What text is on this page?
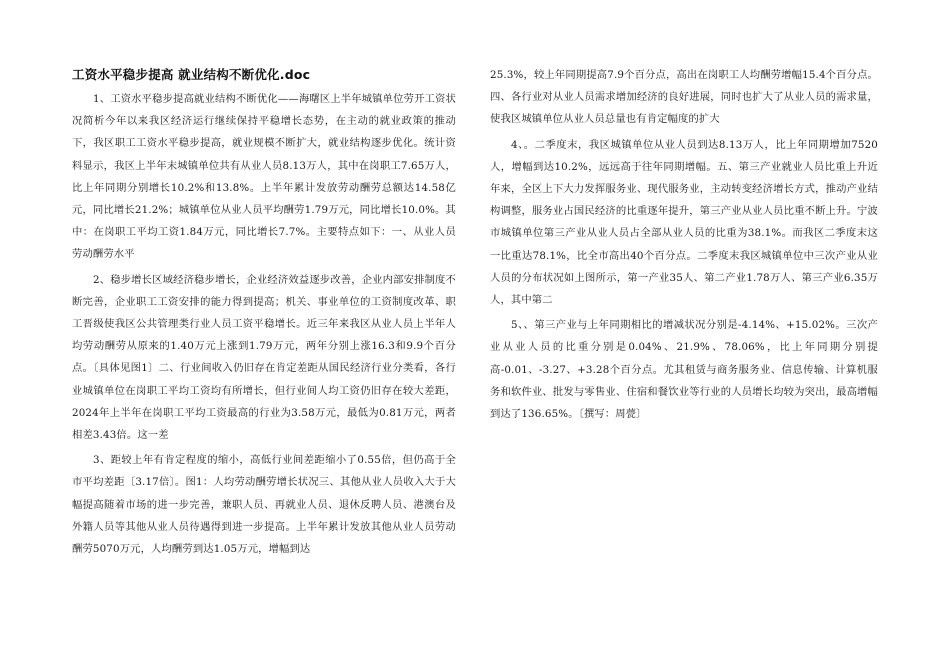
工资水平稳步提高 就业结构不断优化.doc

1、工资水平稳步提高就业结构不断优化——海曙区上半年城镇单位劳开工资状况简析今年以来我区经济运行继续保持平稳增长态势，在主动的就业政策的推动下，我区职工工资水平稳步提高，就业规模不断扩大，就业结构逐步优化。统计资料显示，我区上半年末城镇单位共有从业人员8.13万人，其中在岗职工7.65万人，比上年同期分别增长10.2%和13.8%。上半年累计发放劳动酬劳总额达14.58亿元，同比增长21.2%；城镇单位从业人员平均酬劳1.79万元，同比增长10.0%。其中：在岗职工平均工资1.84万元，同比增长7.7%。主要特点如下：一、从业人员劳动酬劳水平

2、稳步增长区域经济稳步增长，企业经济效益逐步改善，企业内部安排制度不断完善，企业职工工资安排的能力得到提高；机关、事业单位的工资制度改革、职工晋级使我区公共管理类行业人员工资平稳增长。近三年来我区从业人员上半年人均劳动酬劳从原来的1.40万元上涨到1.79万元，两年分别上涨16.3和9.9个百分点。〔具体见图1〕二、行业间收入仍旧存在肯定差距从国民经济行业分类看，各行业城镇单位在岗职工平均工资均有所增长，但行业间人均工资仍旧存在较大差距，2024年上半年在岗职工平均工资最高的行业为3.58万元，最低为0.81万元，两者相差3.43倍。这一差

3、距较上年有肯定程度的缩小，高低行业间差距缩小了0.55倍，但仍高于全市平均差距〔3.17倍〕。图1：人均劳动酬劳增长状况三、其他从业人员收入大于大幅提高随着市场的进一步完善，兼职人员、再就业人员、退休反聘人员、港澳台及外籍人员等其他从业人员待遇得到进一步提高。上半年累计发放其他从业人员劳动酬劳5070万元，人均酬劳到达1.05万元，增幅到达

25.3%，较上年同期提高7.9个百分点，高出在岗职工人均酬劳增幅15.4个百分点。四、各行业对从业人员需求增加经济的良好进展，同时也扩大了从业人员的需求量，使我区城镇单位从业人员总量也有肯定幅度的扩大

4、。二季度末，我区城镇单位从业人员到达8.13万人，比上年同期增加7520人，增幅到达10.2%，远远高于往年同期增幅。五、第三产业就业人员比重上升近年来，全区上下大力发挥服务业、现代服务业，主动转变经济增长方式，推动产业结构调整，服务业占国民经济的比重逐年提升，第三产业从业人员比重不断上升。宁波市城镇单位第三产业从业人员占全部从业人员的比重为38.1%。而我区二季度末这一比重达78.1%，比全市高出40个百分点。二季度末我区城镇单位中三次产业从业人员的分布状况如上图所示，第一产业35人、第二产业1.78万人、第三产业6.35万人，其中第二

5、、第三产业与上年同期相比的增减状况分别是-4.14%、+15.02%。三次产业从业人员的比重分别是0.04%、21.9%、78.06%，比上年同期分别提高-0.01、-3.27、+3.28个百分点。尤其租赁与商务服务业、信息传输、计算机服务和软件业、批发与零售业、住宿和餐饮业等行业的人员增长均较为突出，最高增幅到达了136.65%。〔撰写：周甍〕
